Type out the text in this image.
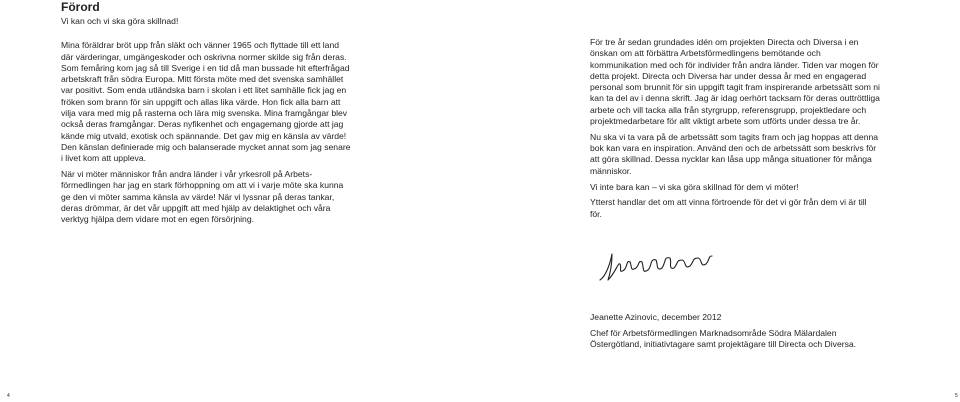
Förord

Vi kan och vi ska göra skillnad!

Mina föräldrar bröt upp från släkt och vänner 1965 och flyttade till ett land där värderingar, umgängeskoder och oskrivna normer skilde sig från deras. Som femåring kom jag så till Sverige i en tid då man bussade hit efterfrågad arbetskraft från södra Europa. Mitt första möte med det svenska samhället var positivt. Som enda utländska barn i skolan i ett litet samhälle fick jag en fröken som brann för sin uppgift och allas lika värde. Hon fick alla barn att vilja vara med mig på rasterna och lära mig svenska. Mina framgångar blev också deras framgångar. Deras nyfikenhet och engagemang gjorde att jag kände mig utvald, exotisk och spännande. Det gav mig en känsla av värde! Den känslan definierade mig och balanserade mycket annat som jag senare i livet kom att uppleva.

När vi möter människor från andra länder i vår yrkesroll på Arbets-förmedlingen har jag en stark förhoppning om att vi i varje möte ska kunna ge den vi möter samma känsla av värde! När vi lyssnar på deras tankar, deras drömmar, är det vår uppgift att med hjälp av delaktighet och våra verktyg hjälpa dem vidare mot en egen försörjning.

För tre år sedan grundades idén om projekten Directa och Diversa i en önskan om att förbättra Arbetsförmedlingens bemötande och kommunikation med och för individer från andra länder. Tiden var mogen för detta projekt. Directa och Diversa har under dessa år med en engagerad personal som brunnit för sin uppgift tagit fram inspirerande arbetssätt som ni kan ta del av i denna skrift. Jag är idag oerhört tacksam för deras outtröttliga arbete och vill tacka alla från styrgrupp, referensgrupp, projektledare och projektmedarbetare för allt viktigt arbete som utförts under dessa tre år.

Nu ska vi ta vara på de arbetssätt som tagits fram och jag hoppas att denna bok kan vara en inspiration. Använd den och de arbetssätt som beskrivs för att göra skillnad. Dessa nycklar kan låsa upp många situationer för många människor.

Vi inte bara kan – vi ska göra skillnad för dem vi möter!

Ytterst handlar det om att vinna förtroende för det vi gör från dem vi är till för.

Jeanette Azinovic, december 2012

Chef för Arbetsförmedlingen Marknadsområde Södra Mälardalen Östergötland, initiativtagare samt projektägare till Directa och Diversa.

4	5
